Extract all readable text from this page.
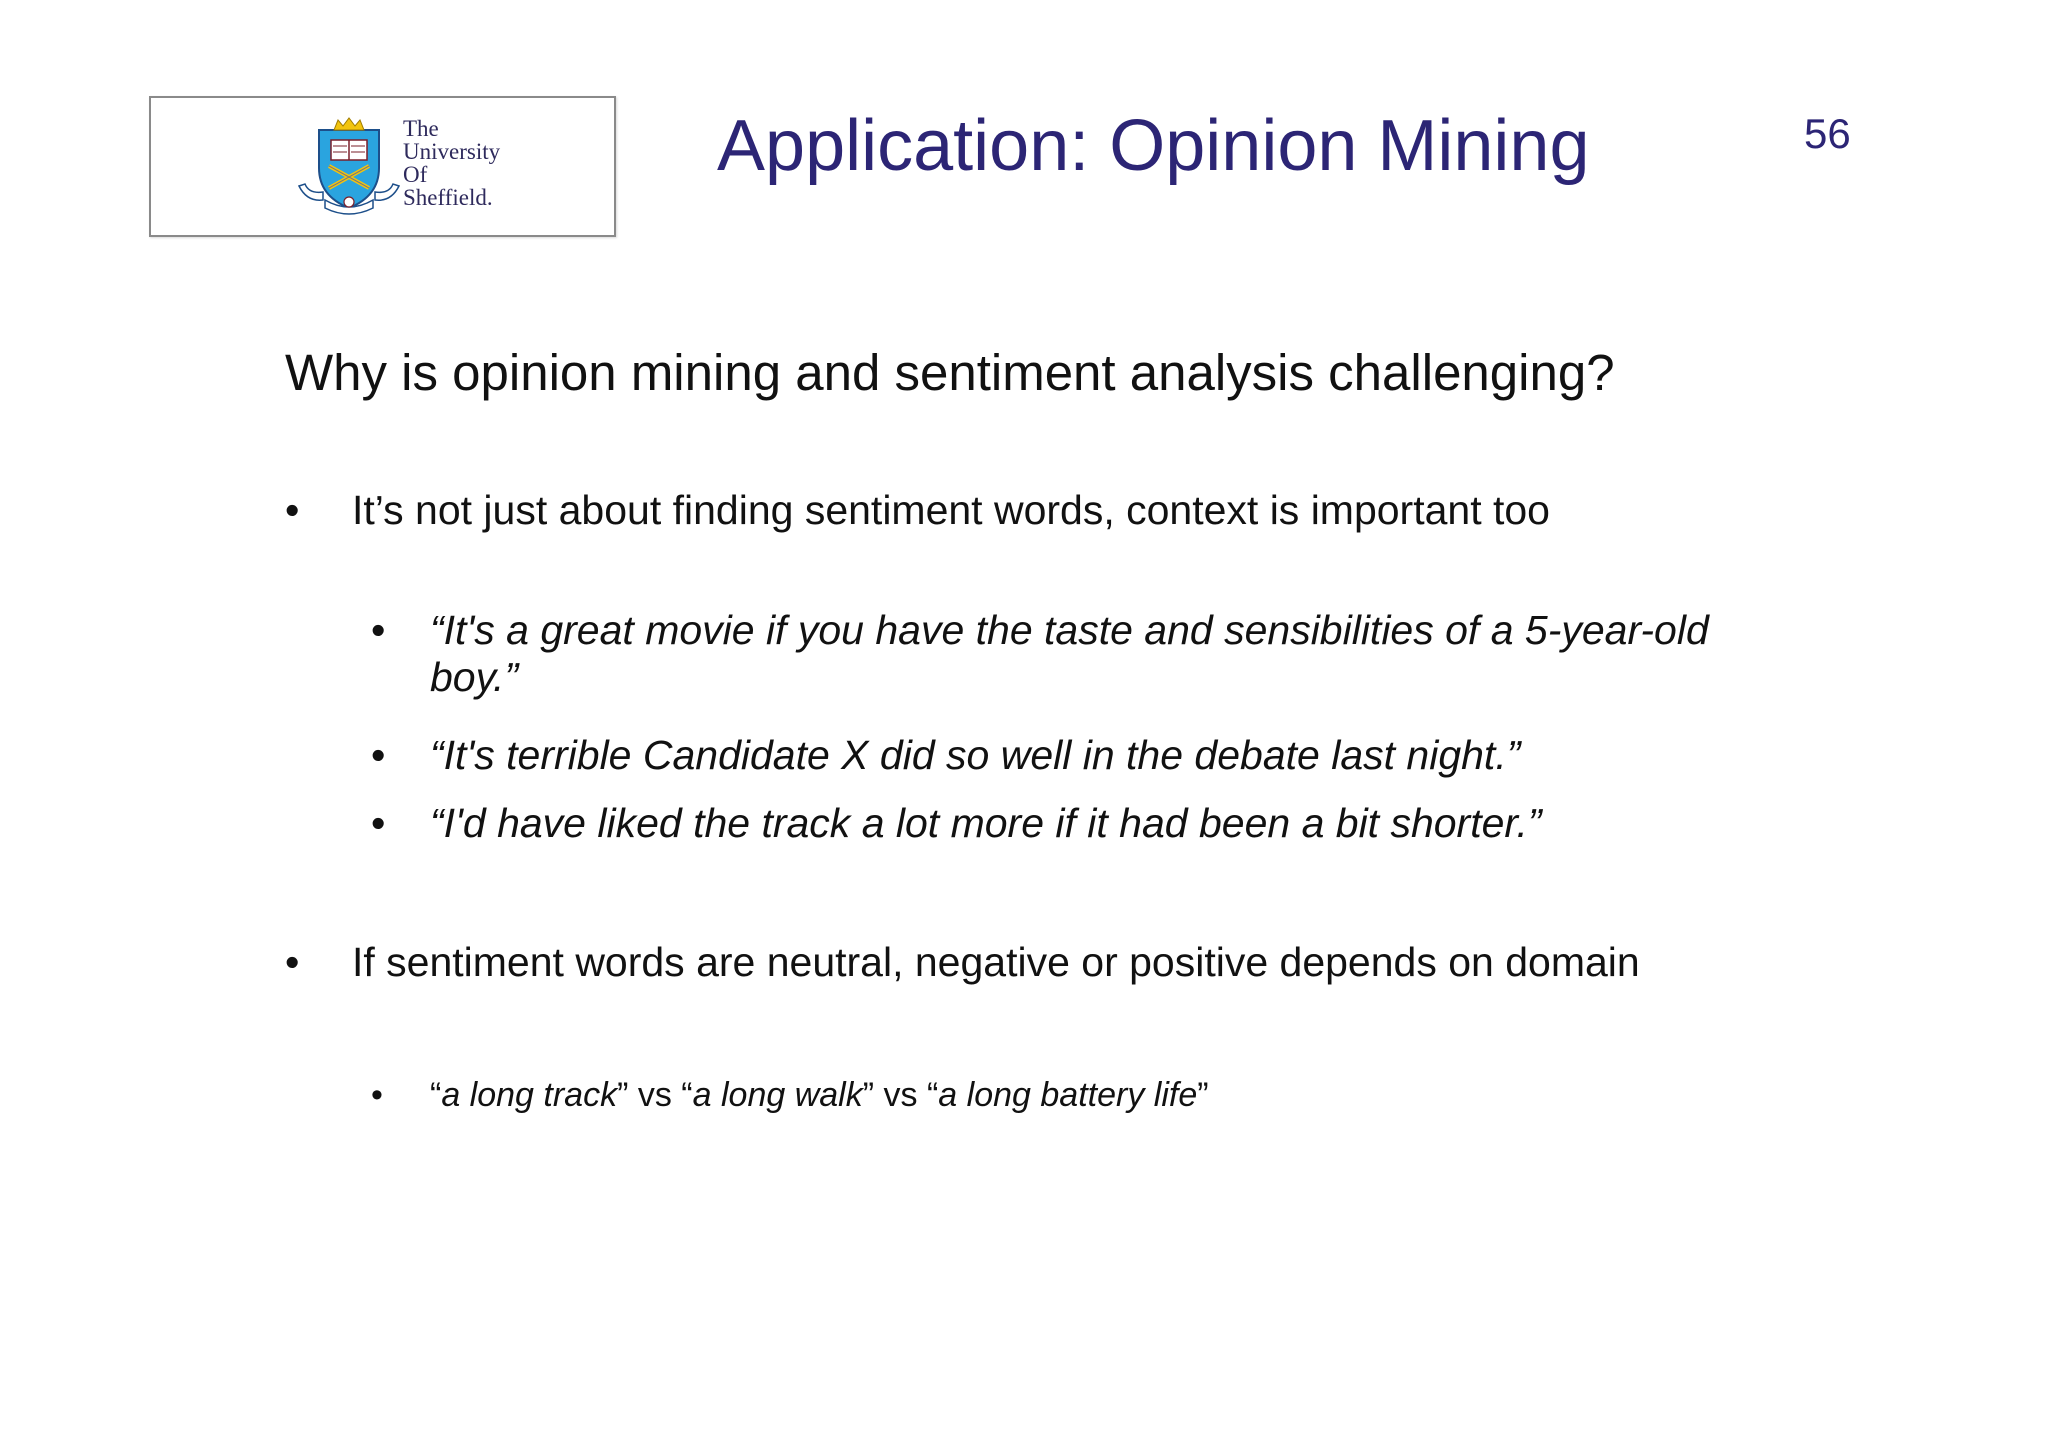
The
University
Of
Sheffield.
Application: Opinion Mining	56
Why is opinion mining and sentiment analysis challenging?
•	It’s not just about finding sentiment words, context is important too
•	“It's a great movie if you have the taste and sensibilities of a 5-year-old boy.”
•	“It's terrible Candidate X did so well in the debate last night.”
•	“I'd have liked the track a lot more if it had been a bit shorter.”
•	If sentiment words are neutral, negative or positive depends on domain
•	“a long track” vs “a long walk” vs “a long battery life”
